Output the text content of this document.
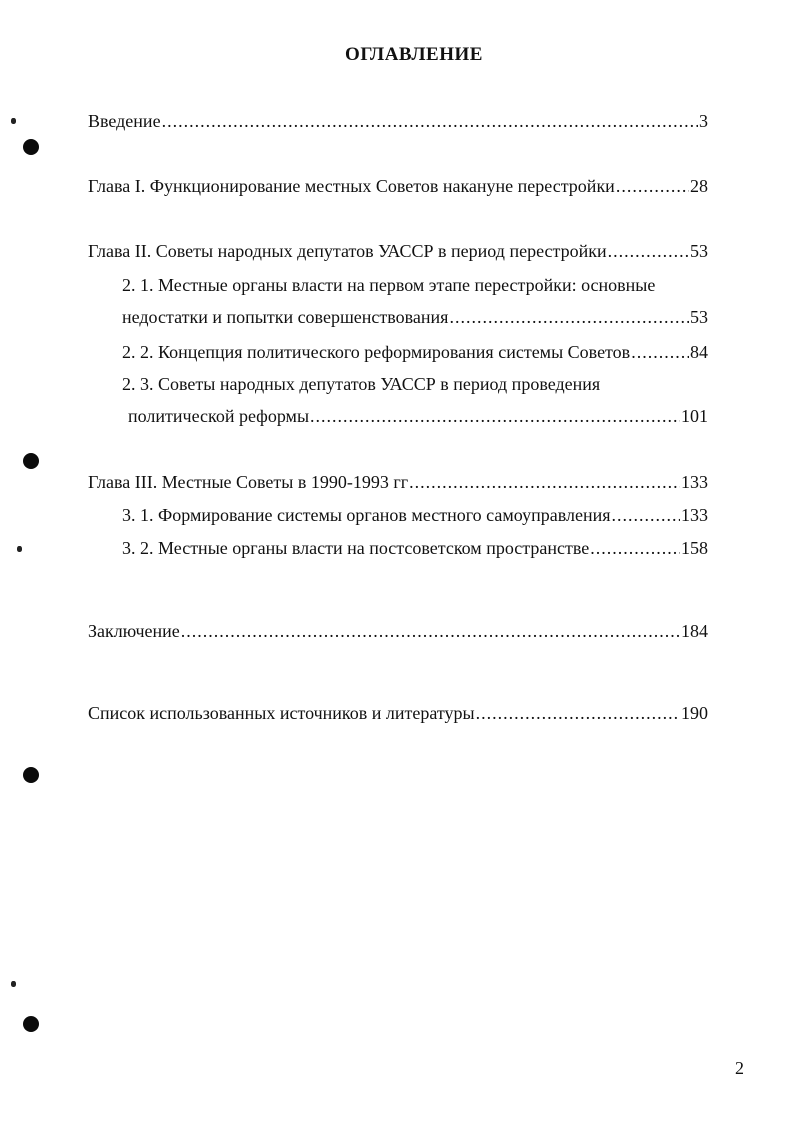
ОГЛАВЛЕНИЕ
Введение .....	3
Глава I. Функционирование местных Советов накануне перестройки .....	28
Глава II. Советы народных депутатов УАССР в период перестройки .....	53
2. 1. Местные органы власти на первом этапе перестройки: основные
недостатки и попытки совершенствования .....	53
2. 2. Концепция политического реформирования системы Советов .....	84
2. 3. Советы народных депутатов УАССР в период проведения
политической реформы .....	101
Глава III. Местные Советы в 1990-1993 гг .....	133
3. 1. Формирование системы органов местного самоуправления .....	133
3. 2. Местные органы власти на постсоветском пространстве .....	158
Заключение .....	184
Список использованных источников и литературы .....	190
2
